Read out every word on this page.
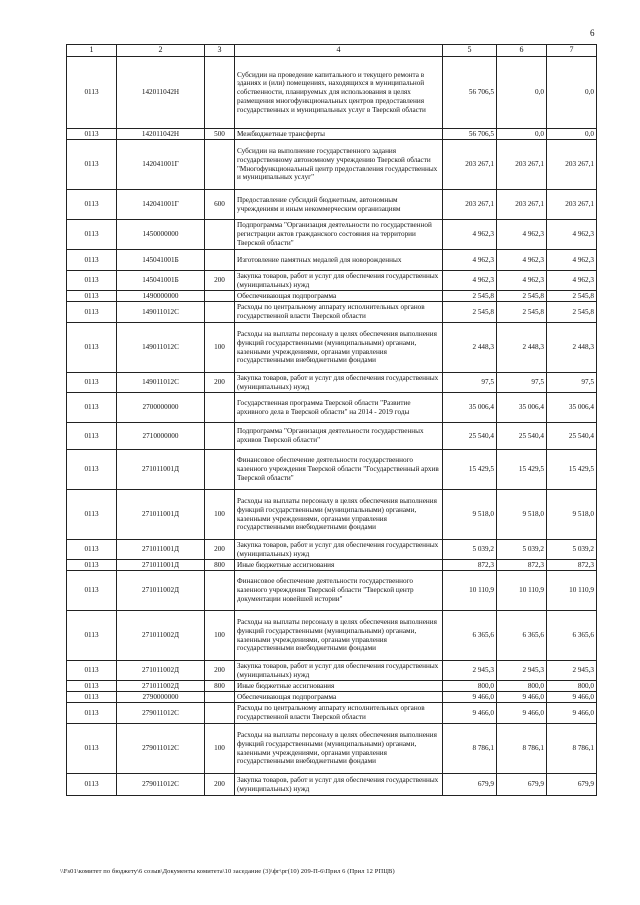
6
1	2	3	4	5	6	7
0113	142011042Н		Субсидии на проведение капитального и текущего ремонта в зданиях и (или) помещениях, находящихся в муниципальной собственности, планируемых для использования в целях размещения многофункциональных центров предоставления государственных и муниципальных услуг в Тверской области	56 706,5	0,0	0,0
0113	142011042Н	500	Межбюджетные трансферты	56 706,5	0,0	0,0
0113	142041001Г		Субсидии на выполнение государственного задания государственному автономному учреждению Тверской области "Многофункциональный центр предоставления государственных и муниципальных услуг"	203 267,1	203 267,1	203 267,1
0113	142041001Г	600	Предоставление субсидий бюджетным, автономным учреждениям и иным некоммерческим организациям	203 267,1	203 267,1	203 267,1
0113	1450000000		Подпрограмма "Организация деятельности по государственной регистрации актов гражданского состояния на территории Тверской области"	4 962,3	4 962,3	4 962,3
0113	145041001Б		Изготовление памятных медалей для новорожденных	4 962,3	4 962,3	4 962,3
0113	145041001Б	200	Закупка товаров, работ и услуг для обеспечения государственных (муниципальных) нужд	4 962,3	4 962,3	4 962,3
0113	1490000000		Обеспечивающая подпрограмма	2 545,8	2 545,8	2 545,8
0113	149011012С		Расходы по центральному аппарату исполнительных органов государственной власти Тверской области	2 545,8	2 545,8	2 545,8
0113	149011012С	100	Расходы на выплаты персоналу в целях обеспечения выполнения функций государственными (муниципальными) органами, казенными учреждениями, органами управления государственными внебюджетными фондами	2 448,3	2 448,3	2 448,3
0113	149011012С	200	Закупка товаров, работ и услуг для обеспечения государственных (муниципальных) нужд	97,5	97,5	97,5
0113	2700000000		Государственная программа Тверской области "Развитие архивного дела в Тверской области" на 2014 - 2019 годы	35 006,4	35 006,4	35 006,4
0113	2710000000		Подпрограмма "Организация деятельности государственных архивов Тверской области"	25 540,4	25 540,4	25 540,4
0113	271011001Д		Финансовое обеспечение деятельности государственного казенного учреждения Тверской области "Государственный архив Тверской области"	15 429,5	15 429,5	15 429,5
0113	271011001Д	100	Расходы на выплаты персоналу в целях обеспечения выполнения функций государственными (муниципальными) органами, казенными учреждениями, органами управления государственными внебюджетными фондами	9 518,0	9 518,0	9 518,0
0113	271011001Д	200	Закупка товаров, работ и услуг для обеспечения государственных (муниципальных) нужд	5 039,2	5 039,2	5 039,2
0113	271011001Д	800	Иные бюджетные ассигнования	872,3	872,3	872,3
0113	271011002Д		Финансовое обеспечение деятельности государственного казенного учреждения Тверской области "Тверской центр документации новейшей истории"	10 110,9	10 110,9	10 110,9
0113	271011002Д	100	Расходы на выплаты персоналу в целях обеспечения выполнения функций государственными (муниципальными) органами, казенными учреждениями, органами управления государственными внебюджетными фондами	6 365,6	6 365,6	6 365,6
0113	271011002Д	200	Закупка товаров, работ и услуг для обеспечения государственных (муниципальных) нужд	2 945,3	2 945,3	2 945,3
0113	271011002Д	800	Иные бюджетные ассигнования	800,0	800,0	800,0
0113	2790000000		Обеспечивающая подпрограмма	9 466,0	9 466,0	9 466,0
0113	279011012С		Расходы по центральному аппарату исполнительных органов государственной власти Тверской области	9 466,0	9 466,0	9 466,0
0113	279011012С	100	Расходы на выплаты персоналу в целях обеспечения выполнения функций государственными (муниципальными) органами, казенными учреждениями, органами управления государственными внебюджетными фондами	8 786,1	8 786,1	8 786,1
0113	279011012С	200	Закупка товаров, работ и услуг для обеспечения государственных (муниципальных) нужд	679,9	679,9	679,9
\\Fs01\комитет по бюджету\6 созыв\Документы комитета\10 заседание (3)\фг\рг(10) 209-П-6\Прил 6 (Прил 12 РПЦВ)
